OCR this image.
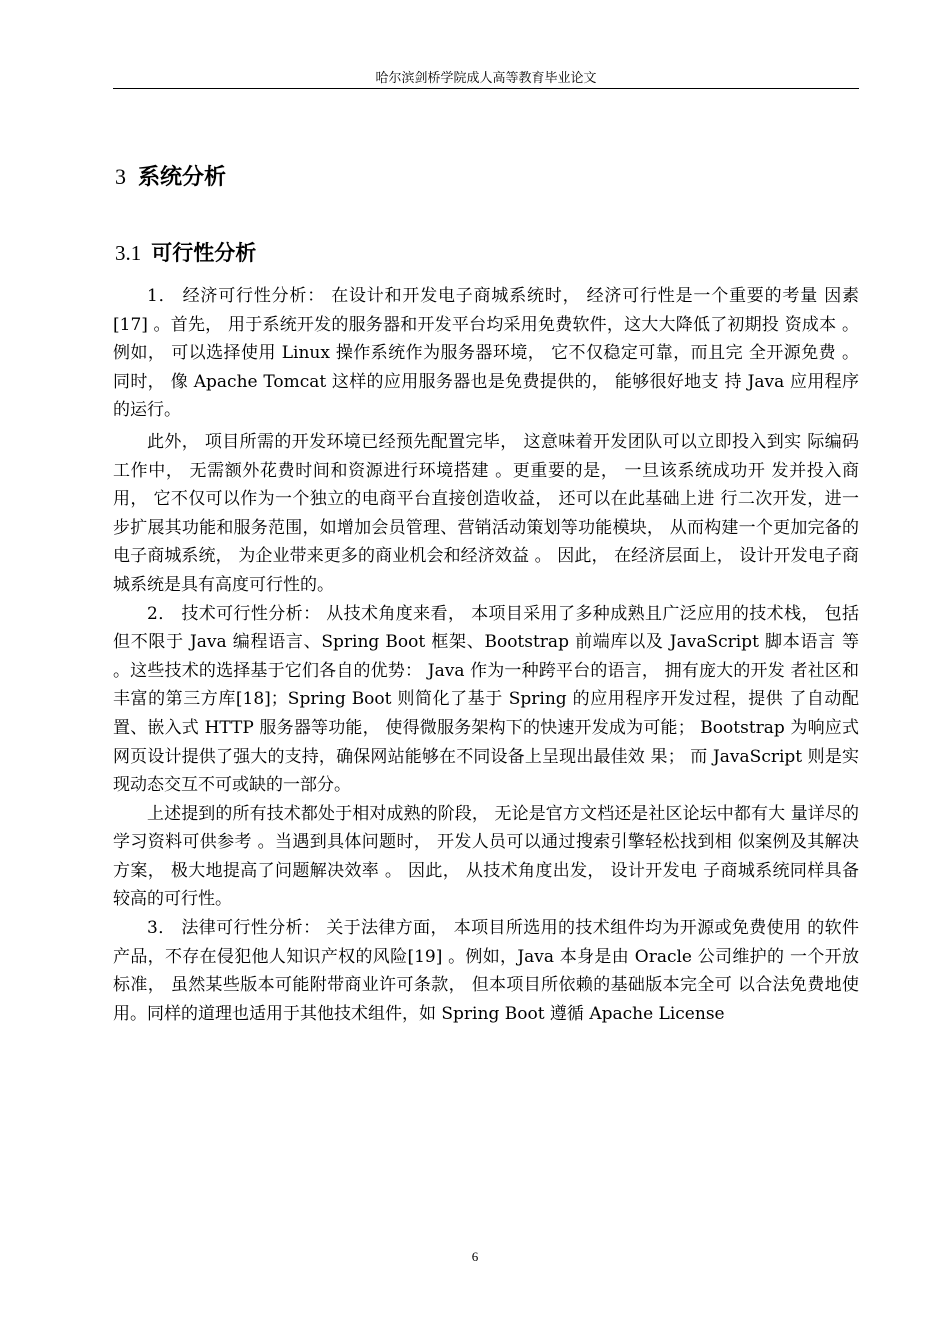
哈尔滨剑桥学院成人高等教育毕业论文
3 系统分析
3.1 可行性分析

1． 经济可行性分析： 在设计和开发电子商城系统时， 经济可行性是一个重要的考量 因素[17] 。首先， 用于系统开发的服务器和开发平台均采用免费软件，这大大降低了初期投 资成本 。 例如， 可以选择使用 Linux 操作系统作为服务器环境， 它不仅稳定可靠，而且完 全开源免费 。 同时， 像 Apache Tomcat 这样的应用服务器也是免费提供的， 能够很好地支 持 Java 应用程序的运行。

此外， 项目所需的开发环境已经预先配置完毕， 这意味着开发团队可以立即投入到实 际编码工作中， 无需额外花费时间和资源进行环境搭建 。更重要的是， 一旦该系统成功开 发并投入商用， 它不仅可以作为一个独立的电商平台直接创造收益， 还可以在此基础上进 行二次开发，进一步扩展其功能和服务范围，如增加会员管理、营销活动策划等功能模块， 从而构建一个更加完备的电子商城系统， 为企业带来更多的商业机会和经济效益 。 因此， 在经济层面上， 设计开发电子商城系统是具有高度可行性的。

2． 技术可行性分析： 从技术角度来看， 本项目采用了多种成熟且广泛应用的技术栈， 包括但不限于 Java 编程语言、Spring Boot 框架、Bootstrap 前端库以及 JavaScript 脚本语言 等 。这些技术的选择基于它们各自的优势： Java 作为一种跨平台的语言， 拥有庞大的开发 者社区和丰富的第三方库[18]；Spring Boot 则简化了基于 Spring 的应用程序开发过程，提供 了自动配置、嵌入式 HTTP 服务器等功能， 使得微服务架构下的快速开发成为可能； Bootstrap 为响应式网页设计提供了强大的支持，确保网站能够在不同设备上呈现出最佳效 果； 而 JavaScript 则是实现动态交互不可或缺的一部分。

上述提到的所有技术都处于相对成熟的阶段， 无论是官方文档还是社区论坛中都有大 量详尽的学习资料可供参考 。当遇到具体问题时， 开发人员可以通过搜索引擎轻松找到相 似案例及其解决方案， 极大地提高了问题解决效率 。 因此， 从技术角度出发， 设计开发电 子商城系统同样具备较高的可行性。

3． 法律可行性分析： 关于法律方面， 本项目所选用的技术组件均为开源或免费使用 的软件产品，不存在侵犯他人知识产权的风险[19] 。例如，Java 本身是由 Oracle 公司维护的 一个开放标准， 虽然某些版本可能附带商业许可条款， 但本项目所依赖的基础版本完全可 以合法免费地使用。同样的道理也适用于其他技术组件，如 Spring Boot 遵循 Apache License

6
